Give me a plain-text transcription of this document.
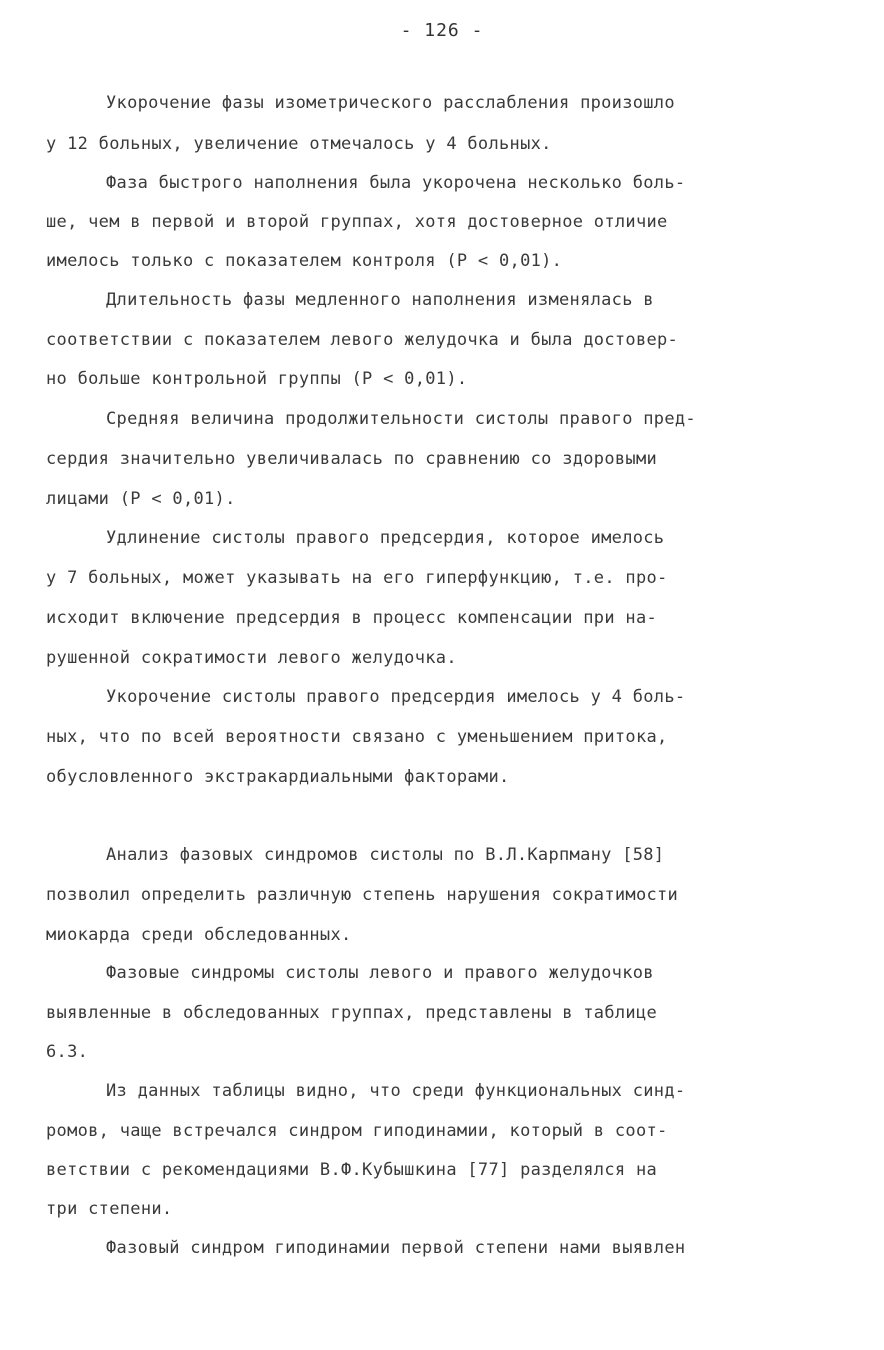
- 126 -
Укорочение фазы изометрического расслабления произошло
у 12 больных, увеличение отмечалось у 4 больных.
Фаза быстрого наполнения была укорочена несколько боль-
ше, чем в первой и второй группах, хотя достоверное отличие
имелось только с показателем контроля (Р < 0,01).
Длительность фазы медленного наполнения изменялась в
соответствии с показателем левого желудочка и была достовер-
но больше контрольной группы (Р < 0,01).
Средняя величина продолжительности систолы правого пред-
сердия значительно увеличивалась по сравнению со здоровыми
лицами (Р < 0,01).
Удлинение систолы правого предсердия, которое имелось
у 7 больных, может указывать на его гиперфункцию, т.е. про-
исходит включение предсердия в процесс компенсации при на-
рушенной сократимости левого желудочка.
Укорочение систолы правого предсердия имелось у 4 боль-
ных, что по всей вероятности связано с уменьшением притока,
обусловленного экстракардиальными факторами.
Анализ фазовых синдромов систолы по В.Л.Карпману [58]
позволил определить различную степень нарушения сократимости
миокарда среди обследованных.
Фазовые синдромы систолы левого и правого желудочков
выявленные в обследованных группах, представлены в таблице
6.3.
Из данных таблицы видно, что среди функциональных синд-
ромов, чаще встречался синдром гиподинамии, который в соот-
ветствии с рекомендациями В.Ф.Кубышкина [77] разделялся на
три степени.
Фазовый синдром гиподинамии первой степени нами выявлен
